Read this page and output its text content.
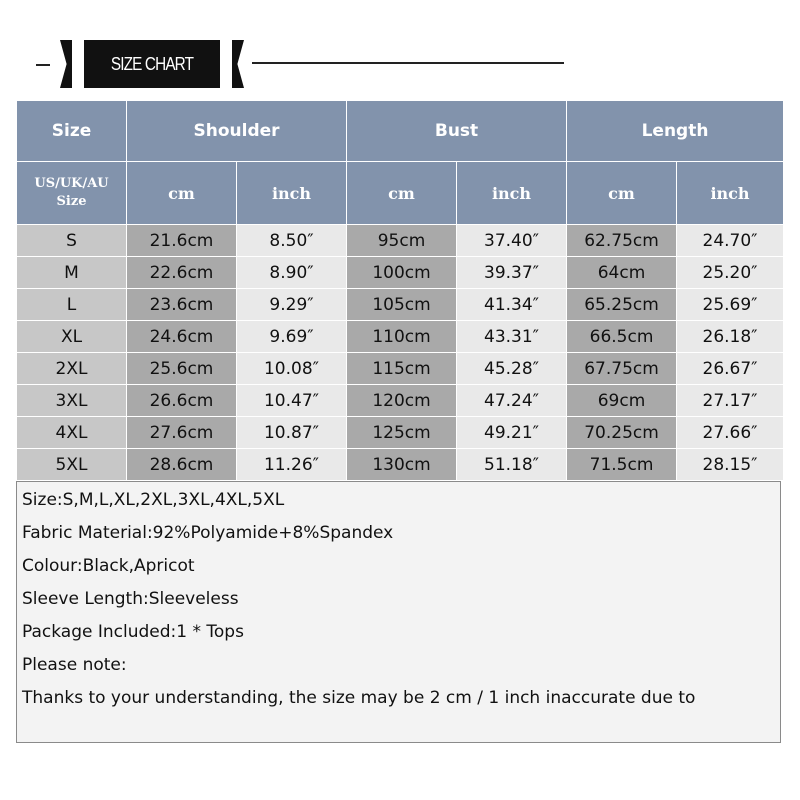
SIZE CHART
Size	Shoulder		Bust		Length	

US/UK/AU
Size	cm	inch	cm	inch	cm	inch
S	21.6cm	8.50″	95cm	37.40″	62.75cm	24.70″
M	22.6cm	8.90″	100cm	39.37″	64cm	25.20″
L	23.6cm	9.29″	105cm	41.34″	65.25cm	25.69″
XL	24.6cm	9.69″	110cm	43.31″	66.5cm	26.18″
2XL	25.6cm	10.08″	115cm	45.28″	67.75cm	26.67″
3XL	26.6cm	10.47″	120cm	47.24″	69cm	27.17″
4XL	27.6cm	10.87″	125cm	49.21″	70.25cm	27.66″
5XL	28.6cm	11.26″	130cm	51.18″	71.5cm	28.15″
Size:S,M,L,XL,2XL,3XL,4XL,5XL
Fabric Material:92%Polyamide+8%Spandex
Colour:Black,Apricot
Sleeve Length:Sleeveless
Package Included:1 * Tops
Please note:
Thanks to your understanding, the size may be 2 cm / 1 inch inaccurate due to
